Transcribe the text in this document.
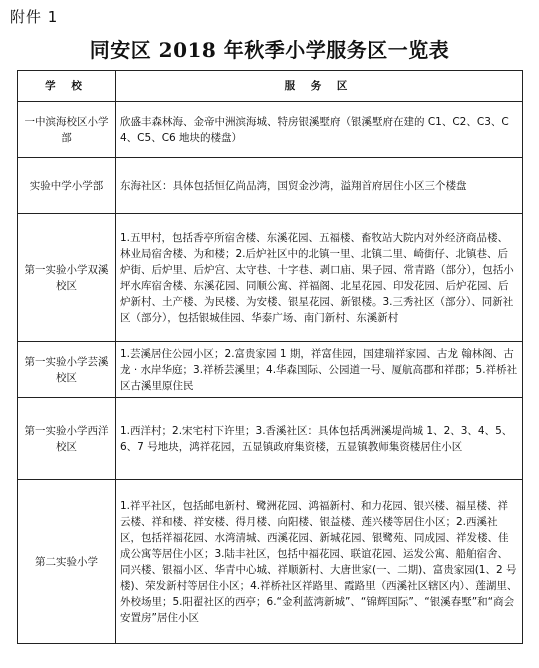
附件 1
同安区 2018 年秋季小学服务区一览表
学 校	服 务 区
一中滨海校区小学部	欣盛丰森林海、金帝中洲滨海城、特房银溪墅府（银溪墅府在建的 C1、C2、C3、C4、C5、C6 地块的楼盘）
实验中学小学部	东海社区：具体包括恒亿尚品湾，国贸金沙湾，溢翔首府居住小区三个楼盘
第一实验小学双溪校区	1.五甲村，包括香亭所宿舍楼、东溪花园、五福楼、畜牧站大院内对外经济商品楼、林业局宿舍楼、为和楼；2.后炉社区中的北镇一里、北镇二里、崎街仔、北镇巷、后炉街、后炉里、后炉宫、太守巷、十字巷、剥口庙、果子园、常青路（部分），包括小坪水库宿舍楼、东溪花园、同顺公寓、祥福阁、北星花园、印发花园、后炉花园、后炉新村、土产楼、为民楼、为安楼、银星花园、新银楼。3.三秀社区（部分）、同新社区（部分），包括银城佳园、华泰广场、南门新村、东溪新村
第一实验小学芸溪校区	1.芸溪居住公园小区；2.富贵家园 1 期，祥富佳园，国建瑞祥家园、古龙 翰林阁、古龙 · 水岸华庭；3.祥桥芸溪里；4.华森国际、公园道一号、厦航高郡和祥郡；5.祥桥社区古溪里原住民
第一实验小学西洋校区	1.西洋村；2.宋宅村下许里；3.香溪社区：具体包括禹洲溪堤尚城 1、2、3、4、5、6、7 号地块，鸿祥花园，五显镇政府集资楼，五显镇教师集资楼居住小区
第二实验小学	1.祥平社区，包括邮电新村、鹭洲花园、鸿福新村、和力花园、银兴楼、福星楼、祥云楼、祥和楼、祥安楼、得月楼、向阳楼、银益楼、莲兴楼等居住小区；2.西溪社区，包括祥福花园、水湾清城、西溪花园、新城花园、银鹭苑、同成园、祥发楼、佳成公寓等居住小区；3.陆丰社区，包括中福花园、联谊花园、运发公寓、船舶宿舍、同兴楼、银福小区、华青中心城、祥顺新村、大唐世家(一、二期)、富贵家园(1、2 号楼)、荣发新村等居住小区；4.祥桥社区祥路里、霞路里（西溪社区辖区内）、莲湖里、外校场里；5.阳翟社区的西亭；6.“金利蓝湾新城”、“锦辉国际”、“银溪春墅”和“商会安置房”居住小区
